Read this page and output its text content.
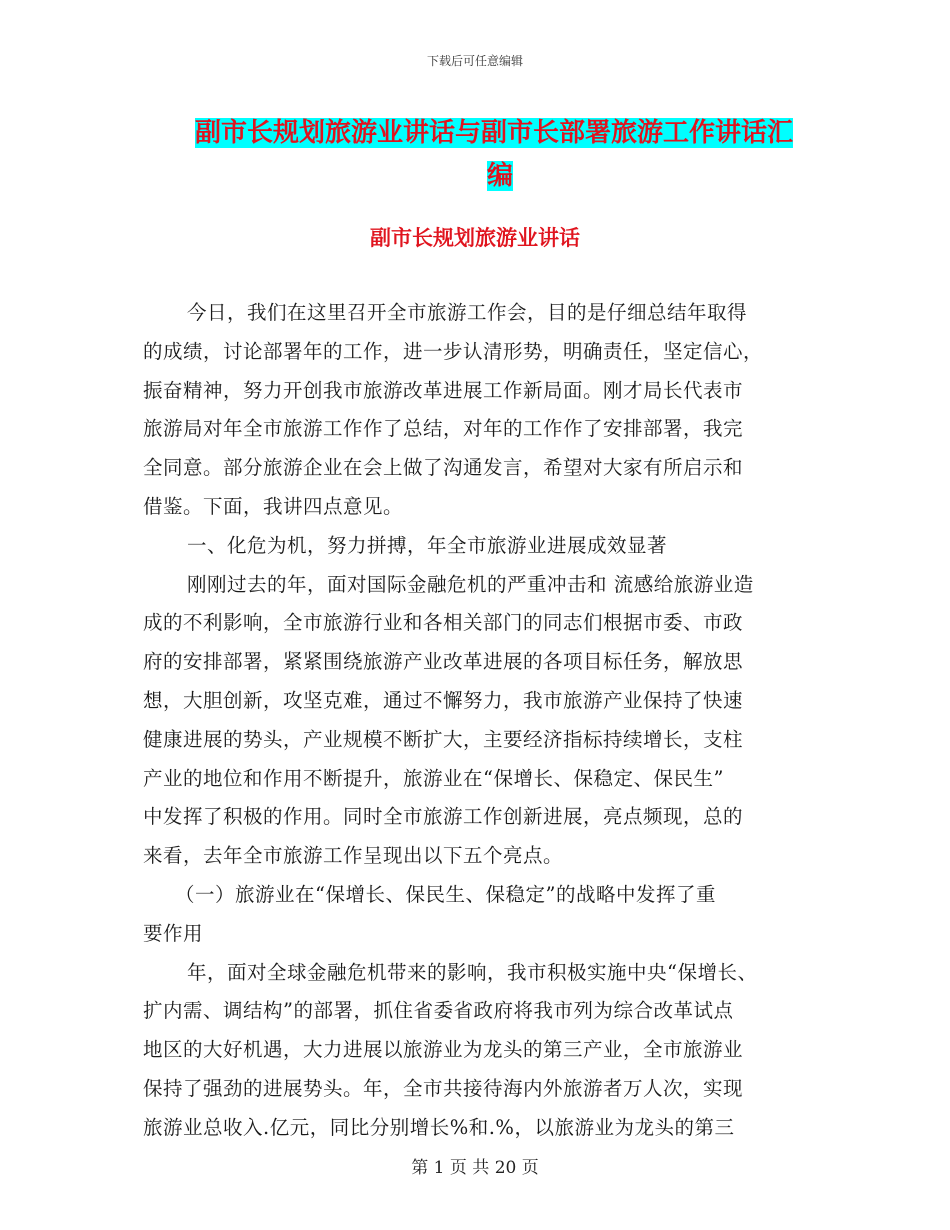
下载后可任意编辑
副市长规划旅游业讲话与副市长部署旅游工作讲话汇
编
副市长规划旅游业讲话
今日，我们在这里召开全市旅游工作会，目的是仔细总结年取得
的成绩，讨论部署年的工作，进一步认清形势，明确责任，坚定信心，
振奋精神，努力开创我市旅游改革进展工作新局面。刚才局长代表市
旅游局对年全市旅游工作作了总结，对年的工作作了安排部署，我完
全同意。部分旅游企业在会上做了沟通发言，希望对大家有所启示和
借鉴。下面，我讲四点意见。
一、化危为机，努力拼搏，年全市旅游业进展成效显著
刚刚过去的年，面对国际金融危机的严重冲击和 流感给旅游业造
成的不利影响，全市旅游行业和各相关部门的同志们根据市委、市政
府的安排部署，紧紧围绕旅游产业改革进展的各项目标任务，解放思
想，大胆创新，攻坚克难，通过不懈努力，我市旅游产业保持了快速
健康进展的势头，产业规模不断扩大，主要经济指标持续增长，支柱
产业的地位和作用不断提升，旅游业在“保增长、保稳定、保民生”
中发挥了积极的作用。同时全市旅游工作创新进展，亮点频现，总的
来看，去年全市旅游工作呈现出以下五个亮点。
（一）旅游业在“保增长、保民生、保稳定”的战略中发挥了重
要作用
年，面对全球金融危机带来的影响，我市积极实施中央“保增长、
扩内需、调结构”的部署，抓住省委省政府将我市列为综合改革试点
地区的大好机遇，大力进展以旅游业为龙头的第三产业，全市旅游业
保持了强劲的进展势头。年，全市共接待海内外旅游者万人次，实现
旅游业总收入.亿元，同比分别增长%和.%，以旅游业为龙头的第三
第 1 页 共 20 页
